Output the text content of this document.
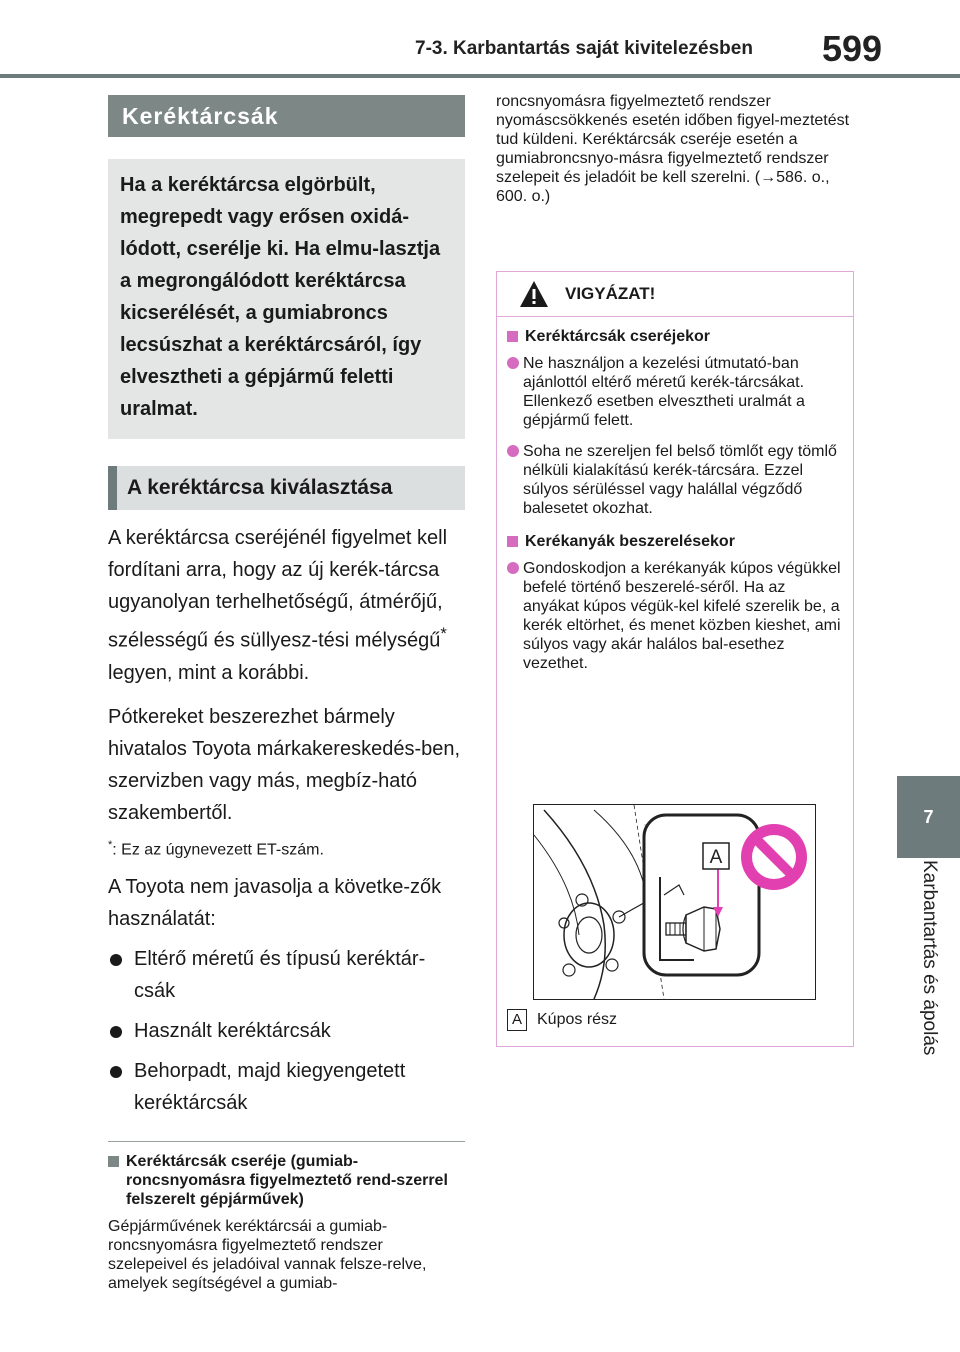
7-3. Karbantartás saját kivitelezésben 599
7
Karbantartás és ápolás
Keréktárcsák
Ha a keréktárcsa elgörbült, megrepedt vagy erősen oxidá-lódott, cserélje ki. Ha elmu-lasztja a megrongálódott keréktárcsa kicserélését, a gumiabroncs lecsúszhat a keréktárcsáról, így elvesztheti a gépjármű feletti uralmat.
A keréktárcsa kiválasztása
A keréktárcsa cseréjénél figyelmet kell fordítani arra, hogy az új kerék-tárcsa ugyanolyan terhelhetőségű, átmérőjű, szélességű és süllyesz-tési mélységű* legyen, mint a korábbi.
Pótkereket beszerezhet bármely hivatalos Toyota márkakereskedés-ben, szervizben vagy más, megbíz-ható szakembertől.
*: Ez az úgynevezett ET-szám.
A Toyota nem javasolja a követke-zők használatát:
Eltérő méretű és típusú keréktár-csák
Használt keréktárcsák
Behorpadt, majd kiegyengetett keréktárcsák
Keréktárcsák cseréje (gumiab-roncsnyomásra figyelmeztető rend-szerrel felszerelt gépjárművek)
Gépjárművének keréktárcsái a gumiab-roncsnyomásra figyelmeztető rendszer szelepeivel és jeladóival vannak felsze-relve, amelyek segítségével a gumiab-
roncsnyomásra figyelmeztető rendszer nyomáscsökkenés esetén időben figyel-meztetést tud küldeni. Keréktárcsák cseréje esetén a gumiabroncsnyo-másra figyelmeztető rendszer szelepeit és jeladóit be kell szerelni. (→586. o., 600. o.)
VIGYÁZAT!
Keréktárcsák cseréjekor
Ne használjon a kezelési útmutató-ban ajánlottól eltérő méretű kerék-tárcsákat. Ellenkező esetben elvesztheti uralmát a gépjármű felett.
Soha ne szereljen fel belső tömlőt egy tömlő nélküli kialakítású kerék-tárcsára. Ezzel súlyos sérüléssel vagy halállal végződő balesetet okozhat.
Kerékanyák beszerelésekor
Gondoskodjon a kerékanyák kúpos végükkel befelé történő beszerelé-séről. Ha az anyákat kúpos végük-kel kifelé szerelik be, a kerék eltörhet, és menet közben kieshet, ami súlyos vagy akár halálos bal-esethez vezethet.
A
A Kúpos rész
